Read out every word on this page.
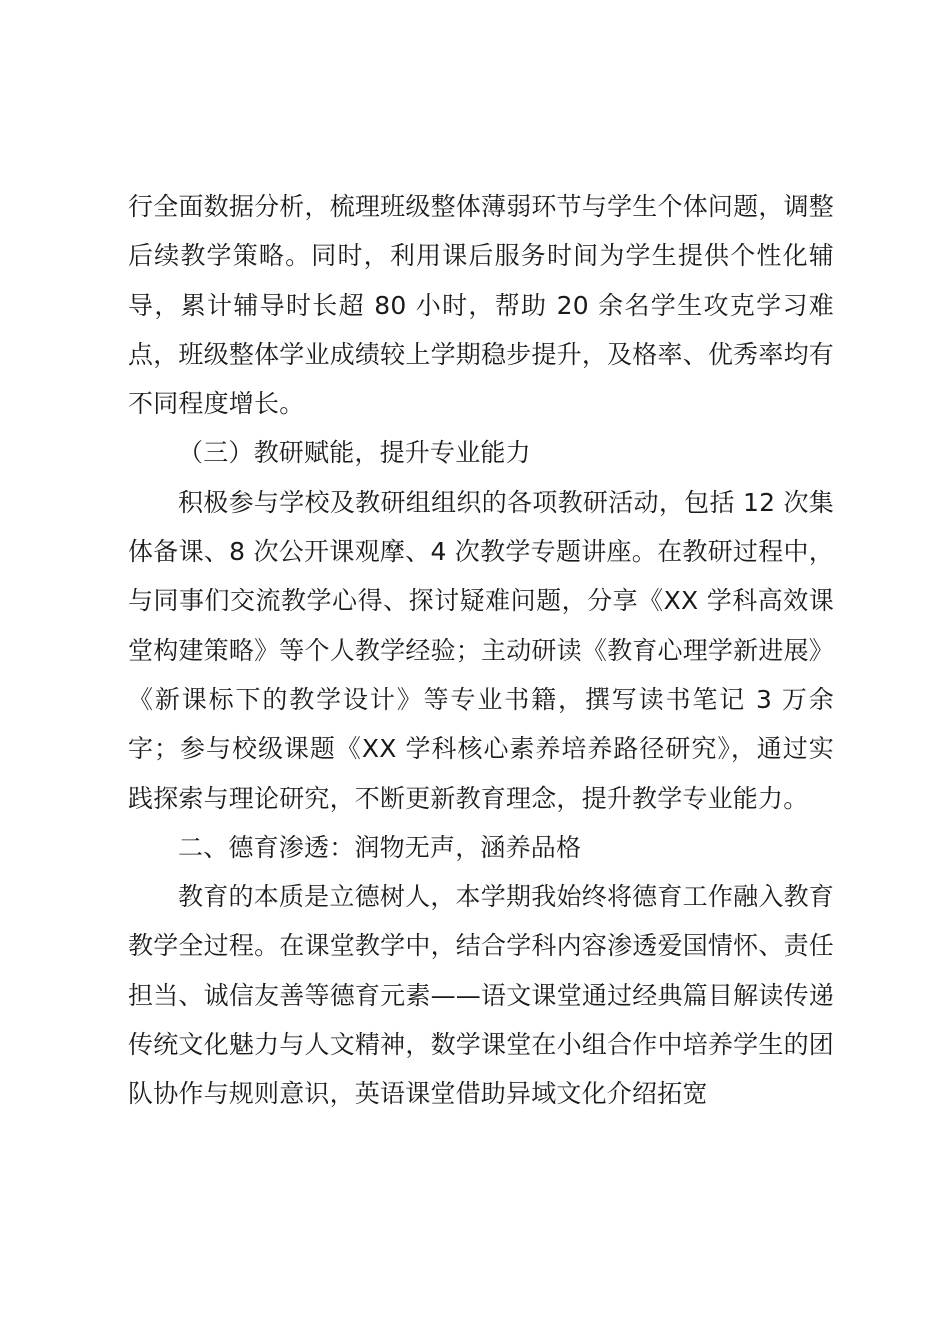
行全面数据分析，梳理班级整体薄弱环节与学生个体问题，调整后续教学策略。同时，利用课后服务时间为学生提供个性化辅导，累计辅导时长超 80 小时，帮助 20 余名学生攻克学习难点，班级整体学业成绩较上学期稳步提升，及格率、优秀率均有不同程度增长。

（三）教研赋能，提升专业能力

积极参与学校及教研组组织的各项教研活动，包括 12 次集体备课、8 次公开课观摩、4 次教学专题讲座。在教研过程中，与同事们交流教学心得、探讨疑难问题，分享《XX 学科高效课堂构建策略》等个人教学经验；主动研读《教育心理学新进展》《新课标下的教学设计》等专业书籍，撰写读书笔记 3 万余字；参与校级课题《XX 学科核心素养培养路径研究》，通过实践探索与理论研究，不断更新教育理念，提升教学专业能力。

二、德育渗透：润物无声，涵养品格

教育的本质是立德树人，本学期我始终将德育工作融入教育教学全过程。在课堂教学中，结合学科内容渗透爱国情怀、责任担当、诚信友善等德育元素——语文课堂通过经典篇目解读传递传统文化魅力与人文精神，数学课堂在小组合作中培养学生的团队协作与规则意识，英语课堂借助异域文化介绍拓宽
